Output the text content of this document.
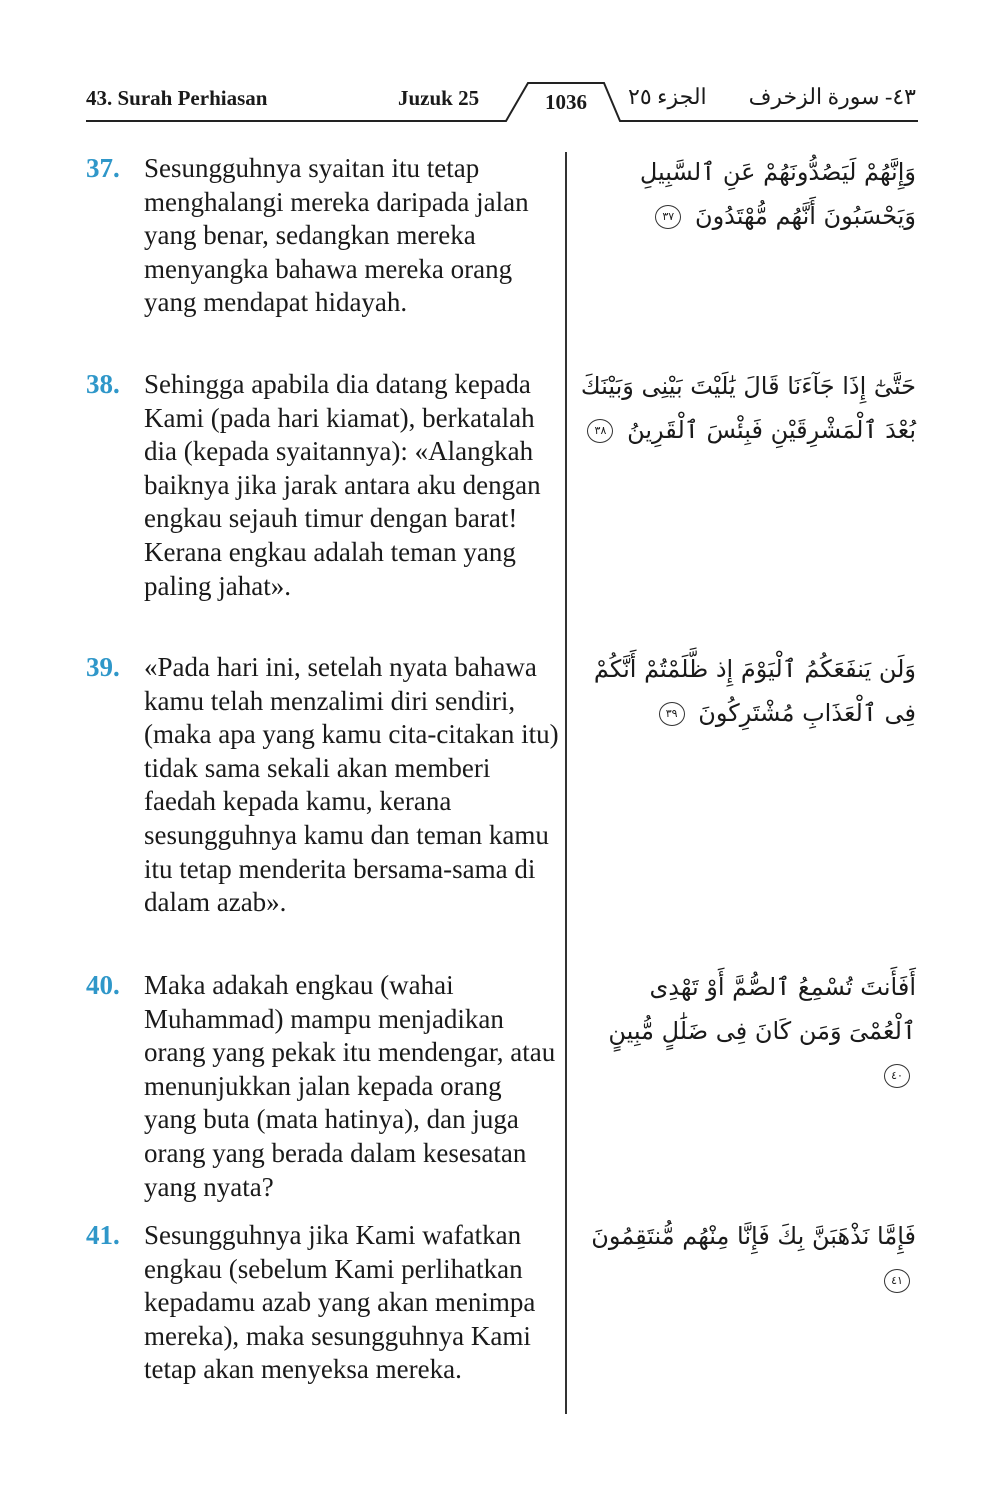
43. Surah Perhiasan	Juzuk 25	1036	الجزء ٢٥ ٤٣- سورة الزخرف
37. Sesungguhnya syaitan itu tetap menghalangi mereka daripada jalan yang benar, sedangkan mereka menyangka bahawa mereka orang yang mendapat hidayah.
وَإِنَّهُمْ لَيَصُدُّونَهُمْ عَنِ ٱلسَّبِيلِ وَيَحْسَبُونَ أَنَّهُم مُّهْتَدُونَ ٣٧
38. Sehingga apabila dia datang kepada Kami (pada hari kiamat), berkatalah dia (kepada syaitannya): «Alangkah baiknya jika jarak antara aku dengan engkau sejauh timur dengan barat! Kerana engkau adalah teman yang paling jahat».
حَتَّىٰٓ إِذَا جَآءَنَا قَالَ يَٰلَيْتَ بَيْنِى وَبَيْنَكَ بُعْدَ ٱلْمَشْرِقَيْنِ فَبِئْسَ ٱلْقَرِينُ ٣٨
39. «Pada hari ini, setelah nyata bahawa kamu telah menzalimi diri sendiri, (maka apa yang kamu cita-citakan itu) tidak sama sekali akan memberi faedah kepada kamu, kerana sesungguhnya kamu dan teman kamu itu tetap menderita bersama-sama di dalam azab».
وَلَن يَنفَعَكُمُ ٱلْيَوْمَ إِذ ظَّلَمْتُمْ أَنَّكُمْ فِى ٱلْعَذَابِ مُشْتَرِكُونَ ٣٩
40. Maka adakah engkau (wahai Muhammad) mampu menjadikan orang yang pekak itu mendengar, atau menunjukkan jalan kepada orang yang buta (mata hatinya), dan juga orang yang berada dalam kesesatan yang nyata?
أَفَأَنتَ تُسْمِعُ ٱلصُّمَّ أَوْ تَهْدِى ٱلْعُمْىَ وَمَن كَانَ فِى ضَلَٰلٍ مُّبِينٍ ٤٠
41. Sesungguhnya jika Kami wafatkan engkau (sebelum Kami perlihatkan kepadamu azab yang akan menimpa mereka), maka sesungguhnya Kami tetap akan menyeksa mereka.
فَإِمَّا نَذْهَبَنَّ بِكَ فَإِنَّا مِنْهُم مُّنتَقِمُونَ ٤١
